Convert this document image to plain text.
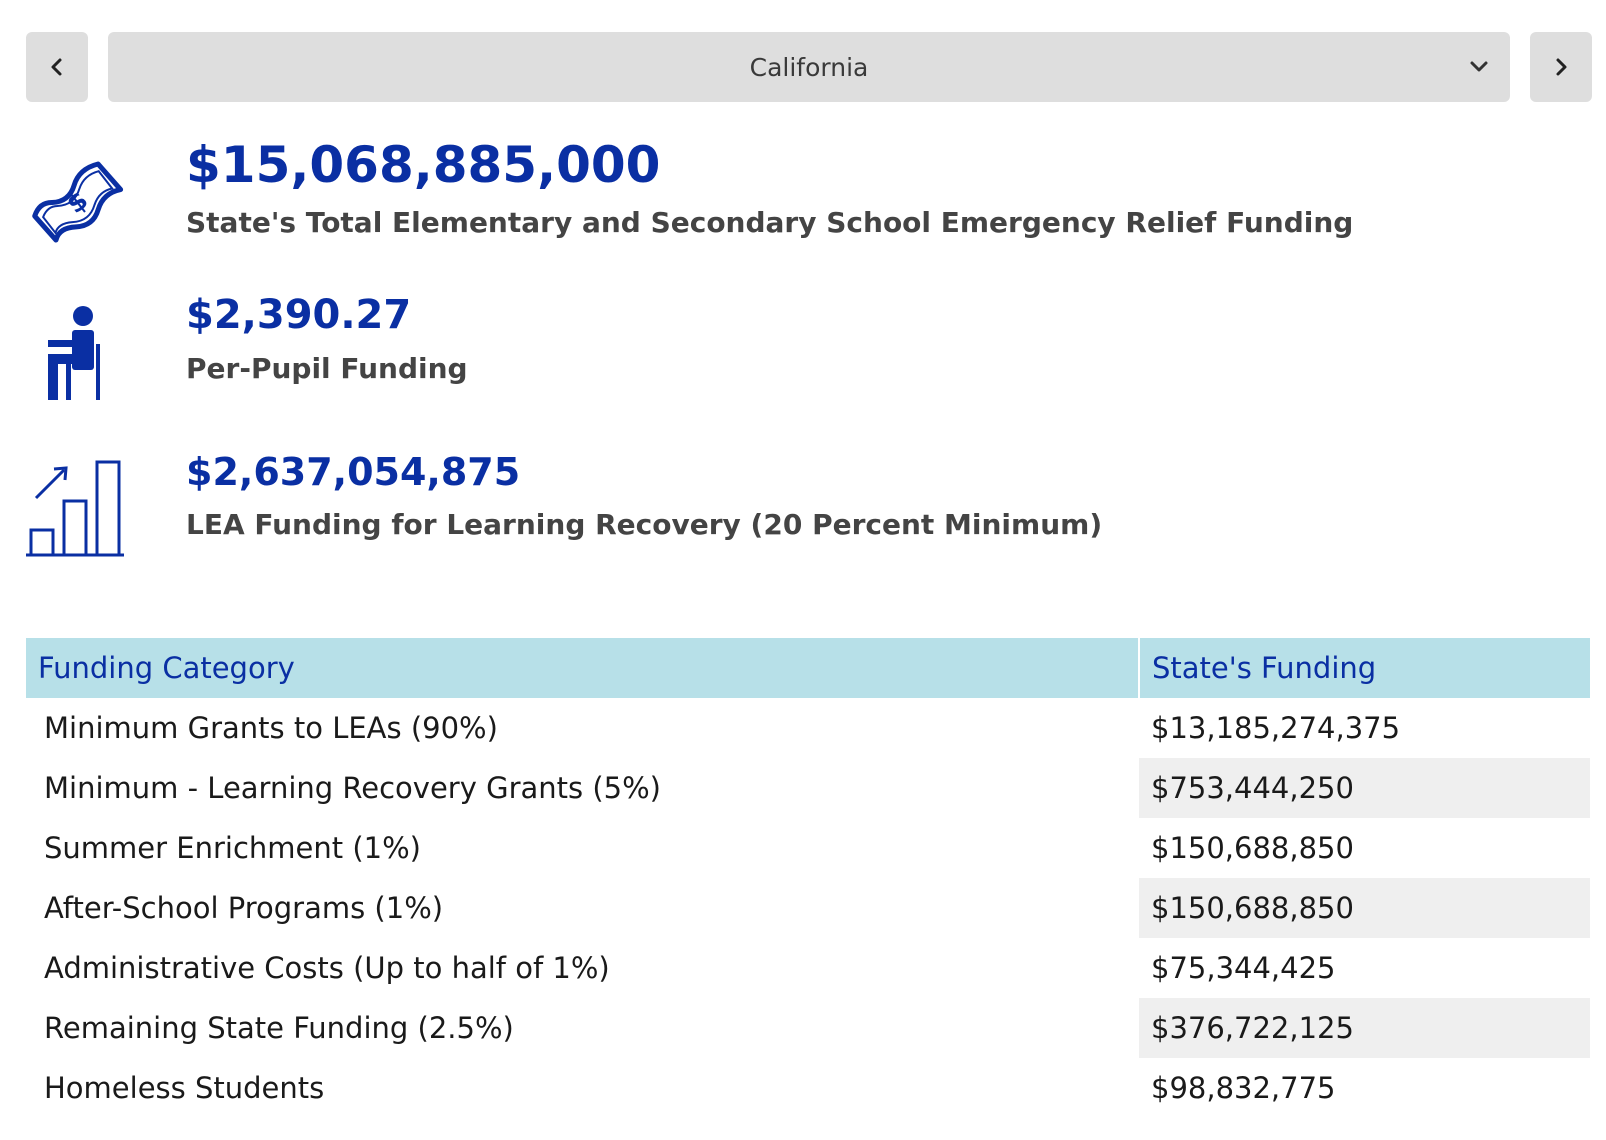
California
$
$15,068,885,000
State's Total Elementary and Secondary School Emergency Relief Funding
$2,390.27
Per-Pupil Funding
$2,637,054,875
LEA Funding for Learning Recovery (20 Percent Minimum)
Funding Category	State's Funding
Minimum Grants to LEAs (90%)	$13,185,274,375
Minimum - Learning Recovery Grants (5%)	$753,444,250
Summer Enrichment (1%)	$150,688,850
After-School Programs (1%)	$150,688,850
Administrative Costs (Up to half of 1%)	$75,344,425
Remaining State Funding (2.5%)	$376,722,125
Homeless Students	$98,832,775
